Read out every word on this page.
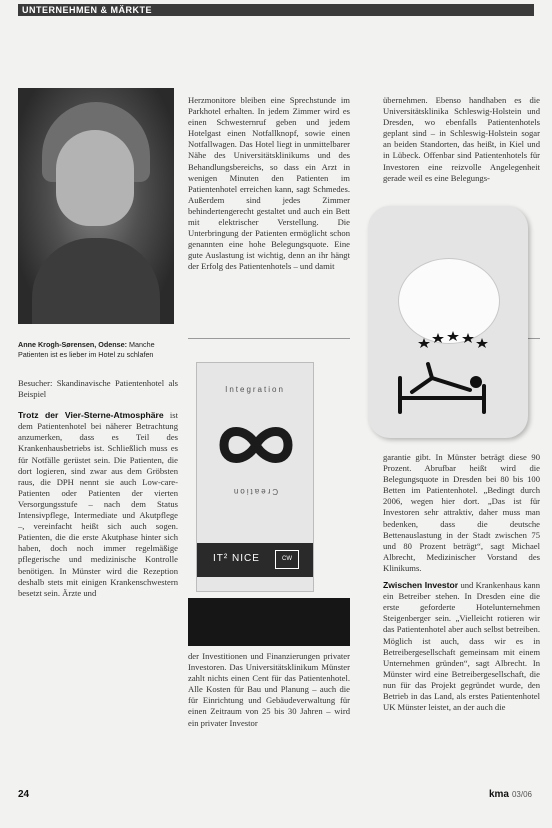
UNTERNEHMEN & MÄRKTE
Anne Krogh-Sørensen, Odense: Manche Patienten ist es lieber im Hotel zu schlafen

Besucher: Skandinavische Patientenhotel als Beispiel

Trotz der Vier-Sterne-Atmosphäre ist dem Patientenhotel bei näherer Betrachtung anzumerken, dass es Teil des Krankenhausbetriebs ist. Schließlich muss es für Notfälle gerüstet sein. Die Patienten, die dort logieren, sind zwar aus dem Gröbsten raus, die DPH nennt sie auch Low-care-Patienten oder Patienten der vierten Versorgungsstufe – nach dem Status Intensivpflege, Intermediate und Akutpflege –, vereinfacht heißt sich auch sogen. Patienten, die die erste Akutphase hinter sich haben, doch noch immer regelmäßige pflegerische und medizinische Kontrolle benötigen. In Münster wird die Rezeption deshalb stets mit einigen Krankenschwestern besetzt sein. Ärzte und

Herzmonitore bleiben eine Sprechstunde im Parkhotel erhalten. In jedem Zimmer wird es einen Schwesternruf geben und jedem Hotelgast einen Notfallknopf, sowie einen Notfallwagen. Das Hotel liegt in unmittelbarer Nähe des Universitätsklinikums und des Behandlungsbereichs, so dass ein Arzt in wenigen Minuten den Patienten im Patientenhotel erreichen kann, sagt Schmedes. Außerdem sind jedes Zimmer behindertengerecht gestaltet und auch ein Bett mit elektrischer Verstellung. Die Unterbringung der Patienten ermöglicht schon genannten eine hohe Belegungsquote. Eine gute Auslastung ist wichtig, denn an ihr hängt der Erfolg des Patientenhotels – und damit

Integration
Creation
IT² NICE	CW

der Investitionen und Finanzierungen privater Investoren. Das Universitätsklinikum Münster zahlt nichts einen Cent für das Patientenhotel. Alle Kosten für Bau und Planung – auch die für Einrichtung und Gebäudeverwaltung für einen Zeitraum von 25 bis 30 Jahren – wird ein privater Investor

übernehmen. Ebenso handhaben es die Universitätsklinika Schleswig-Holstein und Dresden, wo ebenfalls Patientenhotels geplant sind – in Schleswig-Holstein sogar an beiden Standorten, das heißt, in Kiel und in Lübeck. Offenbar sind Patientenhotels für Investoren eine reizvolle Angelegenheit gerade weil es eine Belegungs-

garantie gibt. In Münster beträgt diese 90 Prozent. Abrufbar heißt wird die Belegungsquote in Dresden bei 80 bis 100 Betten im Patientenhotel. „Bedingt durch 2006, wegen hier dort. „Das ist für Investoren sehr attraktiv, daher muss man bedenken, dass die deutsche Bettenauslastung in der Stadt zwischen 75 und 80 Prozent beträgt“, sagt Michael Albrecht, Medizinischer Vorstand des Klinikums.

Zwischen Investor und Krankenhaus kann ein Betreiber stehen. In Dresden eine die erste geforderte Hotelunternehmen Steigenberger sein. „Vielleicht rotieren wir das Patientenhotel aber auch selbst betreiben. Möglich ist auch, dass wir es in Betreibergesellschaft gemeinsam mit einem Unternehmen gründen“, sagt Albrecht. In Münster wird eine Betreibergesellschaft, die nun für das Projekt gegründet wurde, den Betrieb in das Land, als erstes Patientenhotel UK Münster leistet, an der auch die

24	kma 03/06
